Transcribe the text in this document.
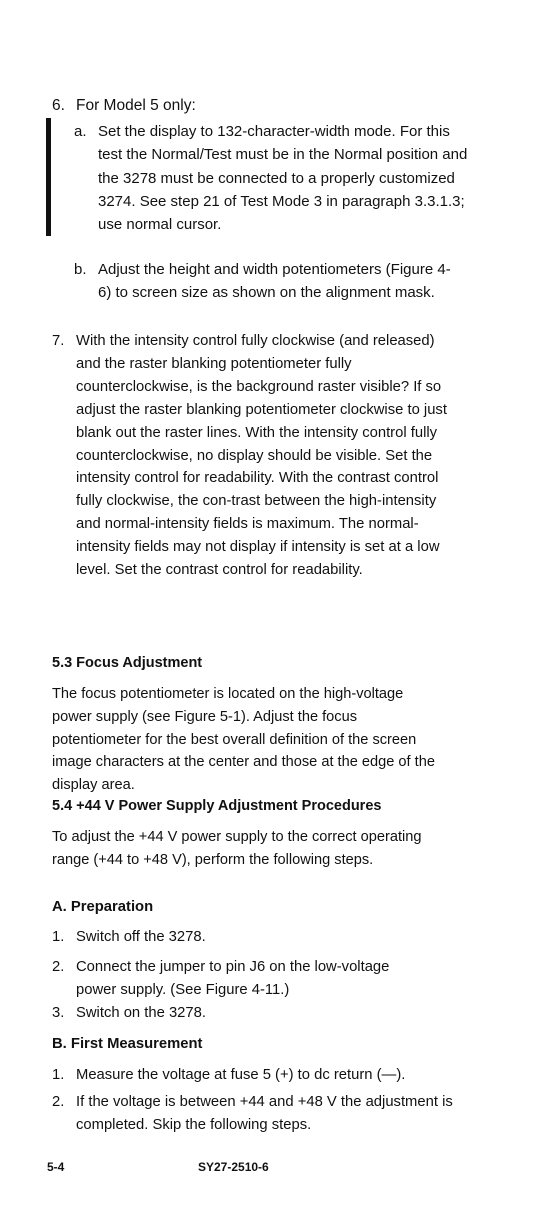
6. For Model 5 only:
a. Set the display to 132-character-width mode. For this test the Normal/Test must be in the Normal position and the 3278 must be connected to a properly customized 3274. See step 21 of Test Mode 3 in paragraph 3.3.1.3; use normal cursor.
b. Adjust the height and width potentiometers (Figure 4-6) to screen size as shown on the alignment mask.
7. With the intensity control fully clockwise (and released) and the raster blanking potentiometer fully counterclockwise, is the background raster visible? If so adjust the raster blanking potentiometer clockwise to just blank out the raster lines. With the intensity control fully counterclockwise, no display should be visible. Set the intensity control for readability. With the contrast control fully clockwise, the con-trast between the high-intensity and normal-intensity fields is maximum. The normal-intensity fields may not display if intensity is set at a low level. Set the contrast control for readability.
5.3 Focus Adjustment
The focus potentiometer is located on the high-voltage power supply (see Figure 5-1). Adjust the focus potentiometer for the best overall definition of the screen image characters at the center and those at the edge of the display area.
5.4 +44 V Power Supply Adjustment Procedures
To adjust the +44 V power supply to the correct operating range (+44 to +48 V), perform the following steps.
A. Preparation
1. Switch off the 3278.
2. Connect the jumper to pin J6 on the low-voltage power supply. (See Figure 4-11.)
3. Switch on the 3278.
B. First Measurement
1. Measure the voltage at fuse 5 (+) to dc return (—).
2. If the voltage is between +44 and +48 V the adjustment is completed. Skip the following steps.
5-4	SY27-2510-6
